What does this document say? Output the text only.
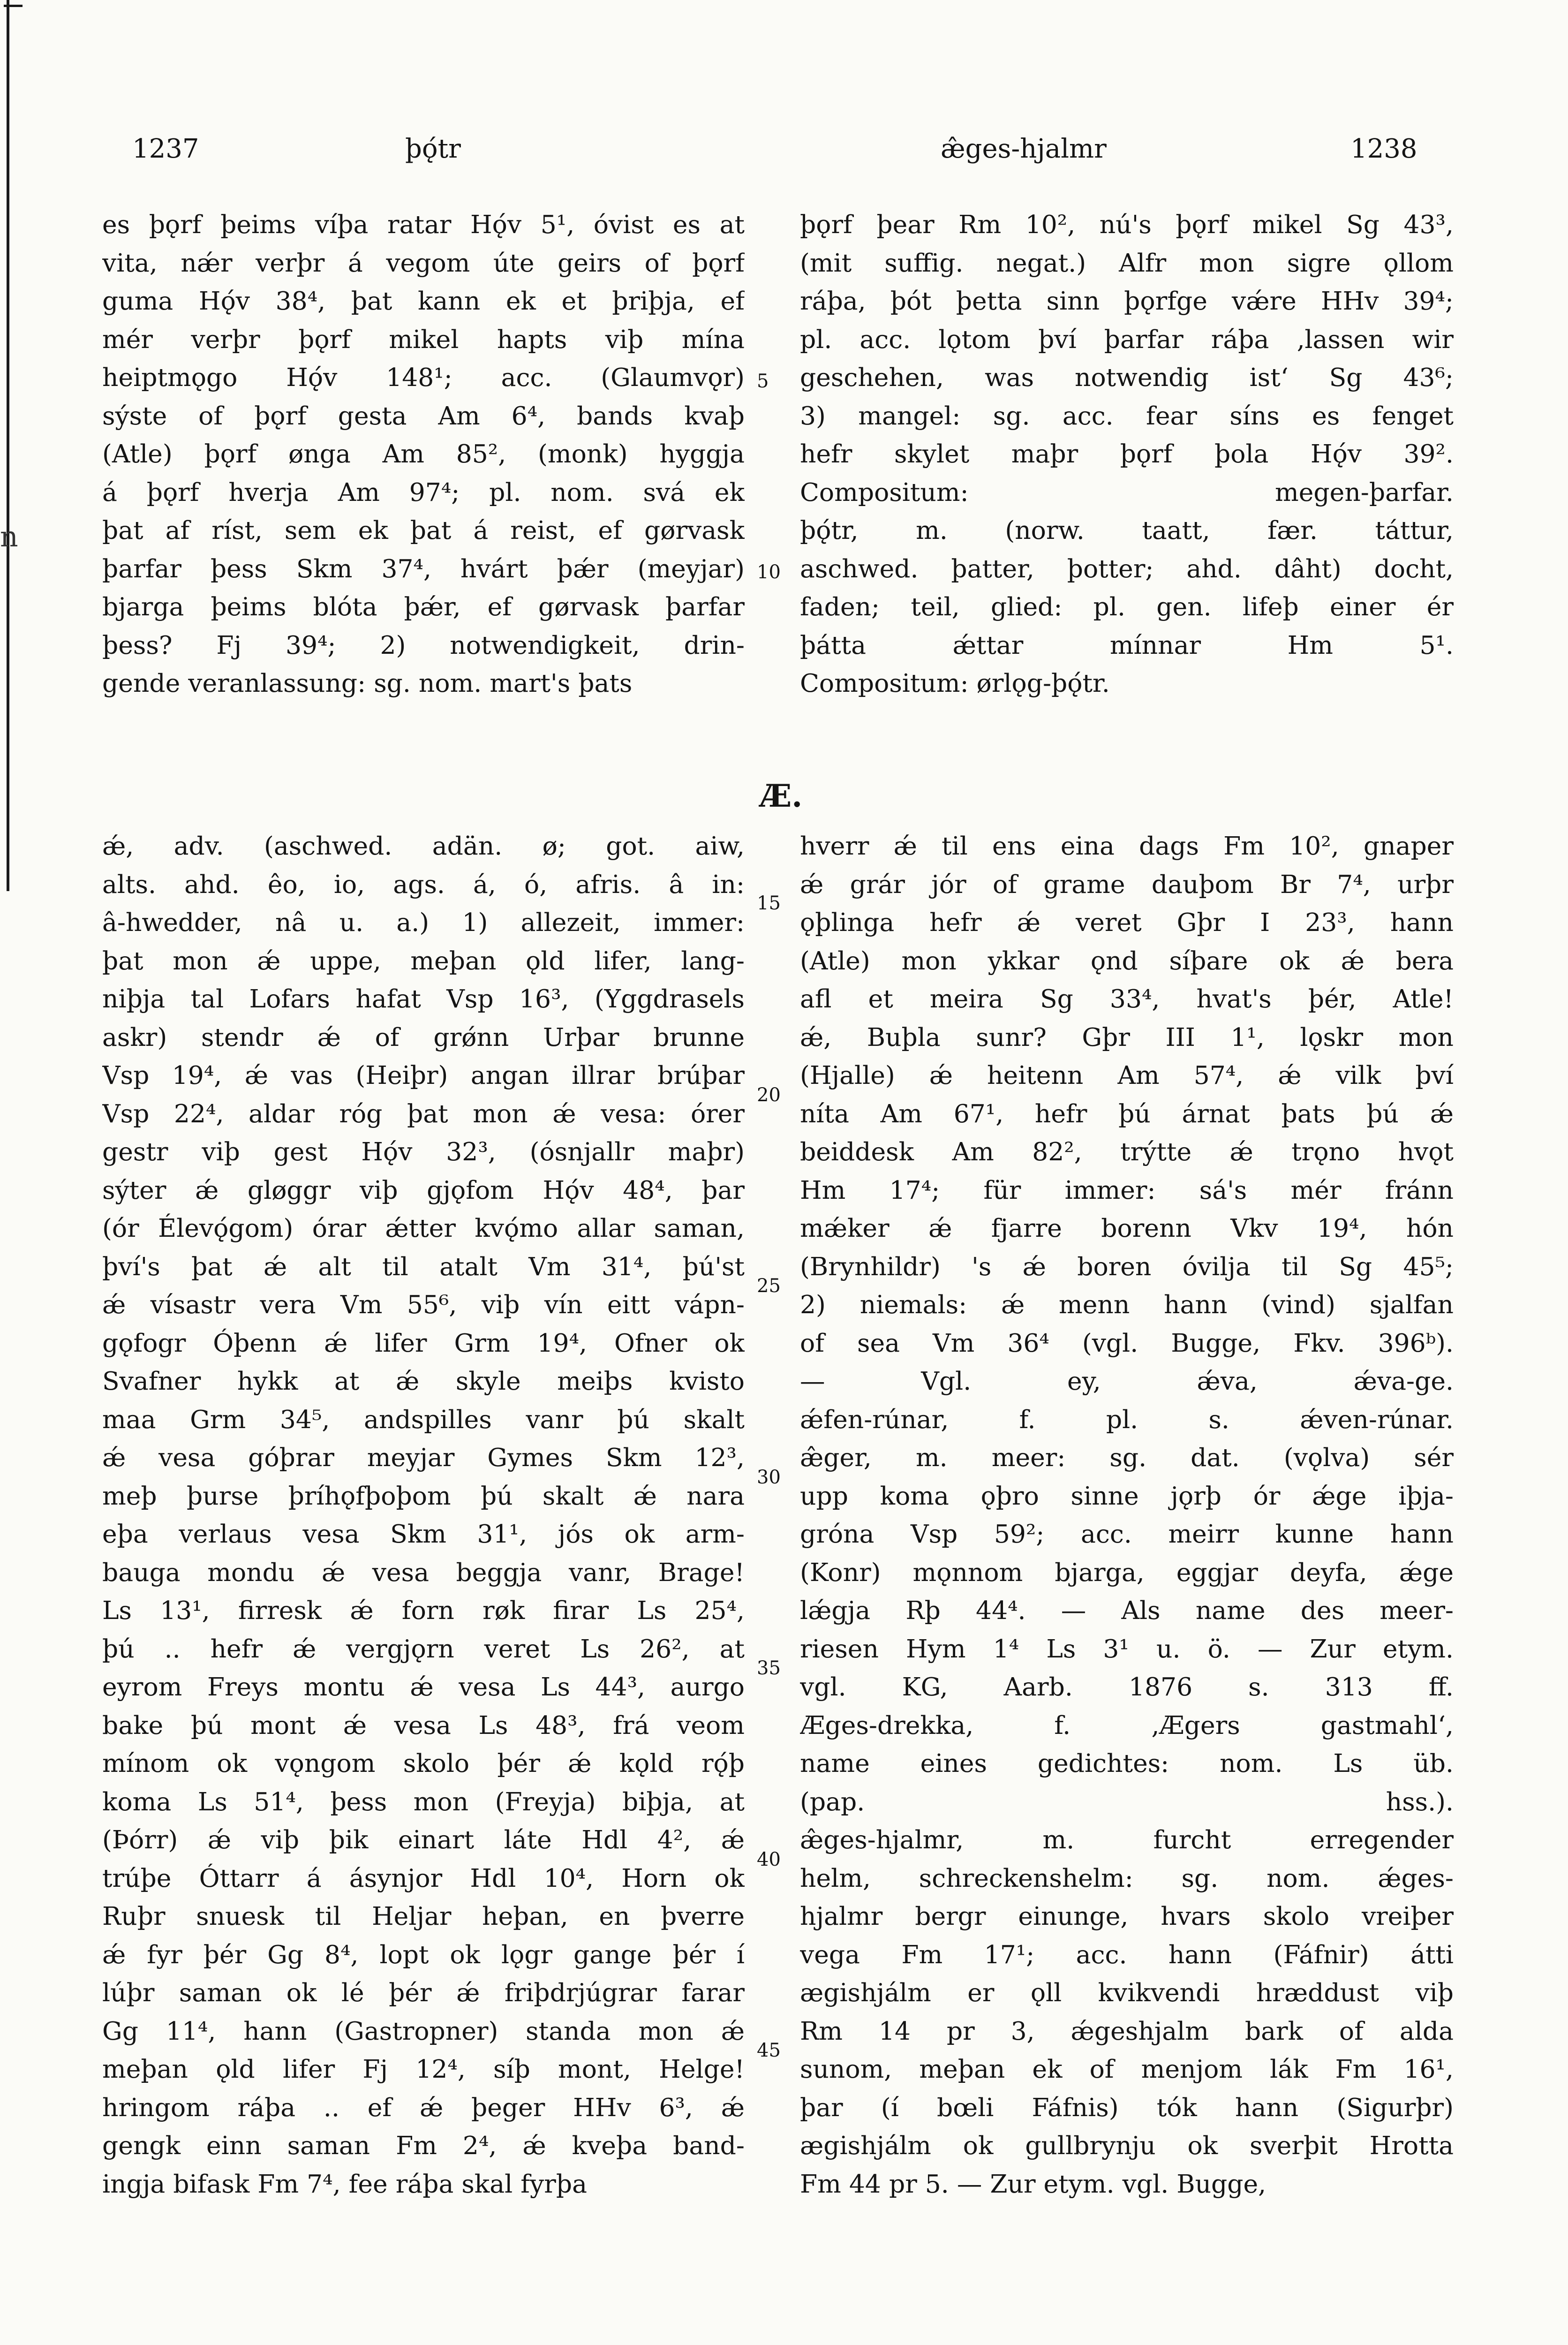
n
1237	þǫ́tr	æ̂ges-hjalmr	1238
es þǫrf þeims víþa ratar Hǫ́v 5¹, óvist es at
vita, nǽr verþr á vegom úte geirs of þǫrf
guma Hǫ́v 38⁴, þat kann ek et þriþja, ef
mér verþr þǫrf mikel hapts viþ mína
heiptmǫgo Hǫ́v 148¹; acc. (Glaumvǫr)
sýste of þǫrf gesta Am 6⁴, bands kvaþ
(Atle) þǫrf ønga Am 85², (monk) hyggja
á þǫrf hverja Am 97⁴; pl. nom. svá ek
þat af ríst, sem ek þat á reist, ef gørvask
þarfar þess Skm 37⁴, hvárt þǽr (meyjar)
bjarga þeims blóta þǽr, ef gørvask þarfar
þess? Fj 39⁴; 2) notwendigkeit, drin-
gende veranlassung: sg. nom. mart's þats
þǫrf þear Rm 10², nú's þǫrf mikel Sg 43³,
(mit suffig. negat.) Alfr mon sigre ǫllom
ráþa, þót þetta sinn þǫrfge vǽre HHv 39⁴;
pl. acc. lǫtom því þarfar ráþa ‚lassen wir
geschehen, was notwendig ist‘ Sg 43⁶;
3) mangel: sg. acc. fear síns es fenget
hefr skylet maþr þǫrf þola Hǫ́v 39².
Compositum: megen-þarfar.
þǫ́tr, m. (norw. taatt, fær. táttur,
aschwed. þatter, þotter; ahd. dâht) docht,
faden; teil, glied: pl. gen. lifeþ einer ér
þátta ǽttar mínnar Hm 5¹.
Compositum: ørlǫg-þǫ́tr.
Æ.
ǽ, adv. (aschwed. adän. ø; got. aiw,
alts. ahd. êo, io, ags. á, ó, afris. â in:
â-hwedder, nâ u. a.) 1) allezeit, immer:
þat mon ǽ uppe, meþan ǫld lifer, lang-
niþja tal Lofars hafat Vsp 16³, (Yggdrasels
askr) stendr ǽ of grǿnn Urþar brunne
Vsp 19⁴, ǽ vas (Heiþr) angan illrar brúþar
Vsp 22⁴, aldar róg þat mon ǽ vesa: órer
gestr viþ gest Hǫ́v 32³, (ósnjallr maþr)
sýter ǽ gløggr viþ gjǫfom Hǫ́v 48⁴, þar
(ór Élevǫ́gom) órar ǽtter kvǫ́mo allar saman,
því's þat ǽ alt til atalt Vm 31⁴, þú'st
ǽ vísastr vera Vm 55⁶, viþ vín eitt vápn-
gǫfogr Óþenn ǽ lifer Grm 19⁴, Ofner ok
Svafner hykk at ǽ skyle meiþs kvisto
maa Grm 34⁵, andspilles vanr þú skalt
ǽ vesa góþrar meyjar Gymes Skm 12³,
meþ þurse þríhǫfþoþom þú skalt ǽ nara
eþa verlaus vesa Skm 31¹, jós ok arm-
bauga mondu ǽ vesa beggja vanr, Brage!
Ls 13¹, firresk ǽ forn røk firar Ls 25⁴,
þú .. hefr ǽ vergjǫrn veret Ls 26², at
eyrom Freys montu ǽ vesa Ls 44³, aurgo
bake þú mont ǽ vesa Ls 48³, frá veom
mínom ok vǫngom skolo þér ǽ kǫld rǫ́þ
koma Ls 51⁴, þess mon (Freyja) biþja, at
(Þórr) ǽ viþ þik einart láte Hdl 4², ǽ
trúþe Óttarr á ásynjor Hdl 10⁴, Horn ok
Ruþr snuesk til Heljar heþan, en þverre
ǽ fyr þér Gg 8⁴, lopt ok lǫgr gange þér í
lúþr saman ok lé þér ǽ friþdrjúgrar farar
Gg 11⁴, hann (Gastropner) standa mon ǽ
meþan ǫld lifer Fj 12⁴, síþ mont, Helge!
hringom ráþa .. ef ǽ þeger HHv 6³, ǽ
gengk einn saman Fm 2⁴, ǽ kveþa band-
ingja bifask Fm 7⁴, fee ráþa skal fyrþa
hverr ǽ til ens eina dags Fm 10², gnaper
ǽ grár jór of grame dauþom Br 7⁴, urþr
ǫþlinga hefr ǽ veret Gþr I 23³, hann
(Atle) mon ykkar ǫnd síþare ok ǽ bera
afl et meira Sg 33⁴, hvat's þér, Atle!
ǽ, Buþla sunr? Gþr III 1¹, lǫskr mon
(Hjalle) ǽ heitenn Am 57⁴, ǽ vilk því
níta Am 67¹, hefr þú árnat þats þú ǽ
beiddesk Am 82², trýtte ǽ trǫno hvǫt
Hm 17⁴; für immer: sá's mér fránn
mǽker ǽ fjarre borenn Vkv 19⁴, hón
(Brynhildr) 's ǽ boren óvilja til Sg 45⁵;
2) niemals: ǽ menn hann (vind) sjalfan
of sea Vm 36⁴ (vgl. Bugge, Fkv. 396ᵇ).
— Vgl. ey, ǽva, ǽva-ge.
ǽfen-rúnar, f. pl. s. ǽven-rúnar.
æ̂ger, m. meer: sg. dat. (vǫlva) sér
upp koma ǫþro sinne jǫrþ ór ǽge iþja-
gróna Vsp 59²; acc. meirr kunne hann
(Konr) mǫnnom bjarga, eggjar deyfa, ǽge
lǽgja Rþ 44⁴. — Als name des meer-
riesen Hym 1⁴ Ls 3¹ u. ö. — Zur etym.
vgl. KG, Aarb. 1876 s. 313 ff.
Æges-drekka, f. ‚Ægers gastmahl‘,
name eines gedichtes: nom. Ls üb.
(pap. hss.).
æ̂ges-hjalmr, m. furcht erregender
helm, schreckenshelm: sg. nom. ǽges-
hjalmr bergr einunge, hvars skolo vreiþer
vega Fm 17¹; acc. hann (Fáfnir) átti
ægishjálm er ǫll kvikvendi hræddust viþ
Rm 14 pr 3, ǽgeshjalm bark of alda
sunom, meþan ek of menjom lák Fm 16¹,
þar (í bœli Fáfnis) tók hann (Sigurþr)
ægishjálm ok gullbrynju ok sverþit Hrotta
Fm 44 pr 5. — Zur etym. vgl. Bugge,
5
10
15
20
25
30
35
40
45
